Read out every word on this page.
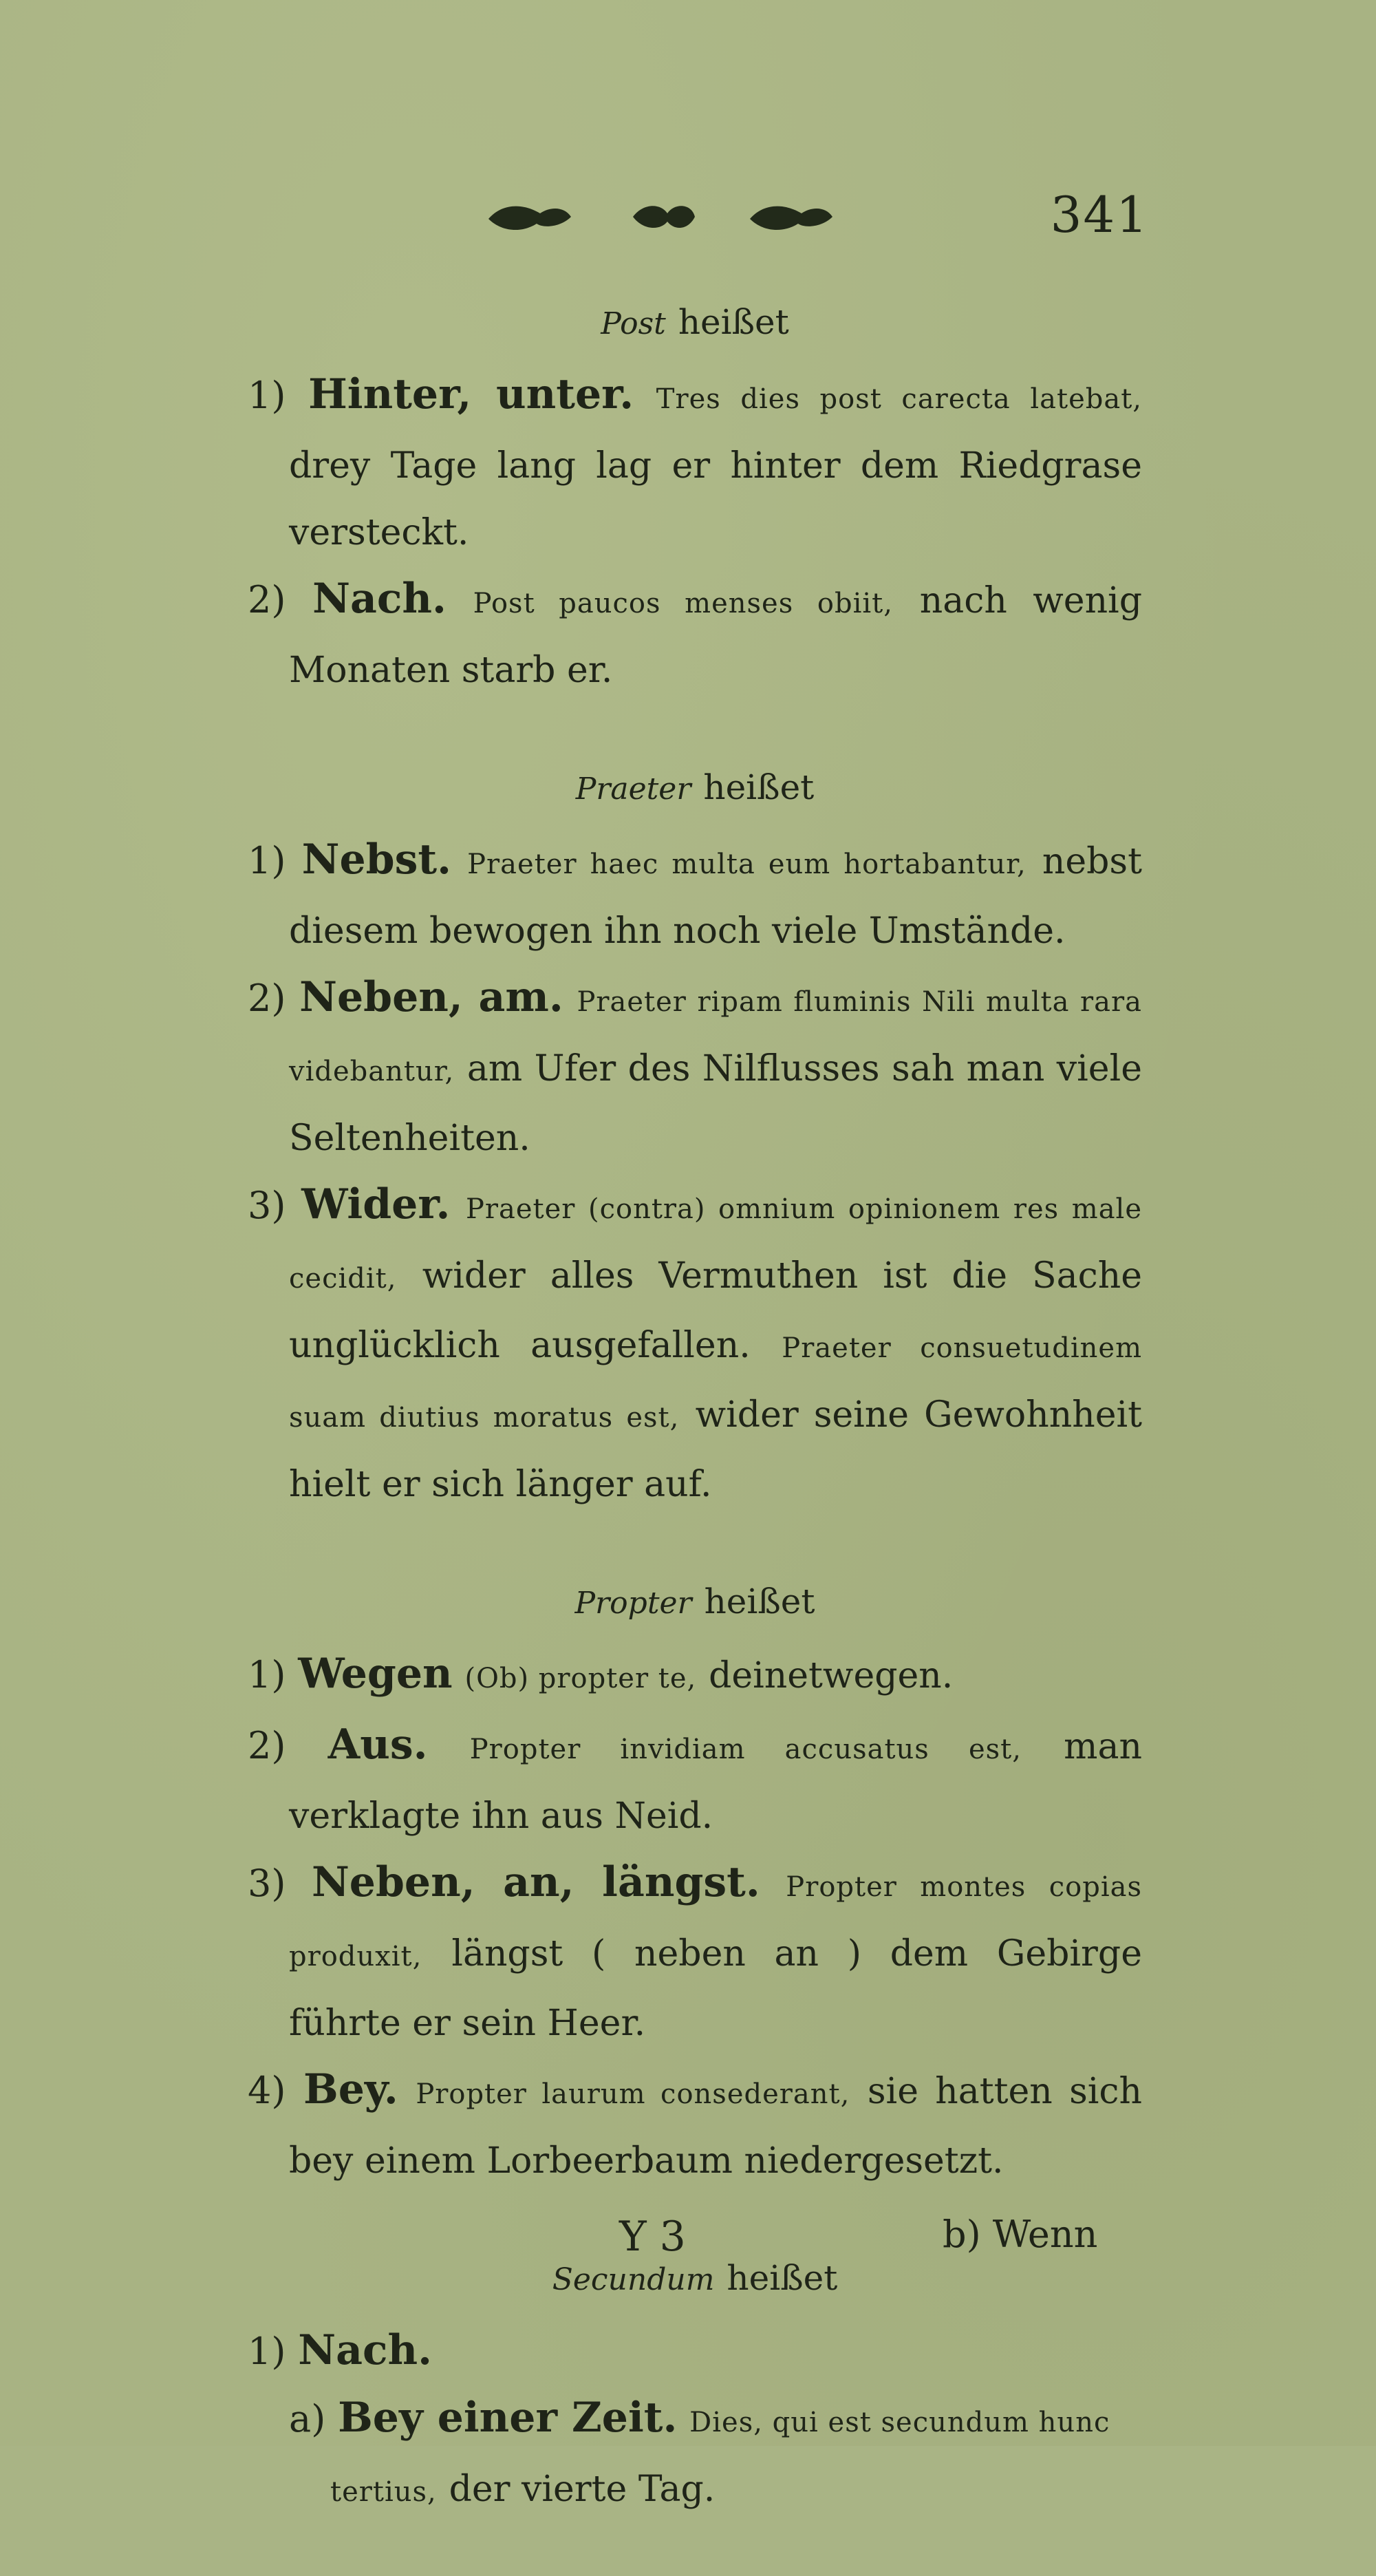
341

Post heißet

1) Hinter, unter. Tres dies post carecta latebat, drey Tage lang lag er hinter dem Riedgrase versteckt.

2) Nach. Post paucos menses obiit, nach wenig Monaten starb er.

Praeter heißet

1) Nebst. Praeter haec multa eum hortabantur, nebst diesem bewogen ihn noch viele Umstände.

2) Neben, am. Praeter ripam fluminis Nili multa rara videbantur, am Ufer des Nilflusses sah man viele Seltenheiten.

3) Wider. Praeter (contra) omnium opinionem res male cecidit, wider alles Vermuthen ist die Sache unglücklich ausgefallen. Praeter consuetudinem suam diutius moratus est, wider seine Gewohnheit hielt er sich länger auf.

Propter heißet

1) Wegen (Ob) propter te, deinetwegen.

2) Aus. Propter invidiam accusatus est, man verklagte ihn aus Neid.

3) Neben, an, längst. Propter montes copias produxit, längst ( neben an ) dem Gebirge führte er sein Heer.

4) Bey. Propter laurum consederant, sie hatten sich bey einem Lorbeerbaum niedergesetzt.

Secundum heißet

1) Nach.

a) Bey einer Zeit. Dies, qui est secundum hunc tertius, der vierte Tag.

Y 3	b) Wenn
